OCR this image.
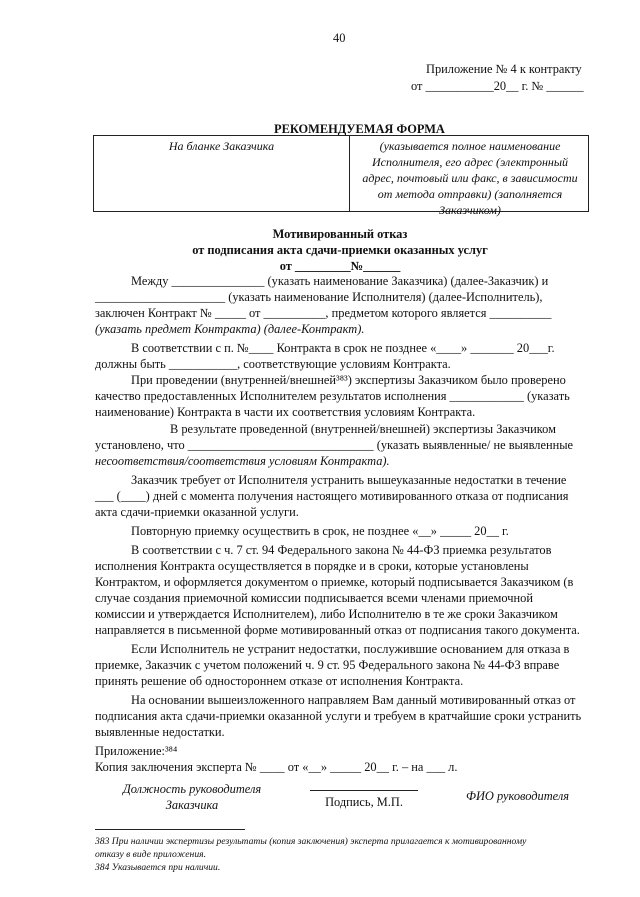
40
Приложение № 4 к контракту
от ___________20__ г. № ______
РЕКОМЕНДУЕМАЯ ФОРМА
На бланке Заказчика	(указывается полное наименование
Исполнителя, его адрес (электронный
адрес, почтовый или факс, в зависимости
от метода отправки) (заполняется
Заказчиком)
Мотивированный отказ
от подписания акта сдачи-приемки оказанных услуг
от _________№______
Между _______________ (указать наименование Заказчика) (далее-Заказчик) и
_____________________ (указать наименование Исполнителя) (далее-Исполнитель),
заключен Контракт № _____ от __________, предметом которого является __________
(указать предмет Контракта) (далее-Контракт).
В соответствии с п. №____ Контракта в срок не позднее «____» _______ 20___г.
должны быть ___________, соответствующие условиям Контракта.
При проведении (внутренней/внешней³⁸³) экспертизы Заказчиком было проверено
качество предоставленных Исполнителем результатов исполнения ____________ (указать
наименование) Контракта в части их соответствия условиям Контракта.
В результате проведенной (внутренней/внешней) экспертизы Заказчиком
установлено, что ______________________________ (указать выявленные/ не выявленные
несоответствия/соответствия условиям Контракта).
Заказчик требует от Исполнителя устранить вышеуказанные недостатки в течение
___ (____) дней с момента получения настоящего мотивированного отказа от подписания
акта сдачи-приемки оказанной услуги.
Повторную приемку осуществить в срок, не позднее «__» _____ 20__ г.
В соответствии с ч. 7 ст. 94 Федерального закона № 44-ФЗ приемка результатов
исполнения Контракта осуществляется в порядке и в сроки, которые установлены
Контрактом, и оформляется документом о приемке, который подписывается Заказчиком (в
случае создания приемочной комиссии подписывается всеми членами приемочной
комиссии и утверждается Исполнителем), либо Исполнителю в те же сроки Заказчиком
направляется в письменной форме мотивированный отказ от подписания такого документа.
Если Исполнитель не устранит недостатки, послужившие основанием для отказа в
приемке, Заказчик с учетом положений ч. 9 ст. 95 Федерального закона № 44-ФЗ вправе
принять решение об одностороннем отказе от исполнения Контракта.
На основании вышеизложенного направляем Вам данный мотивированный отказ от
подписания акта сдачи-приемки оказанной услуги и требуем в кратчайшие сроки устранить
выявленные недостатки.
Приложение:³⁸⁴
Копия заключения эксперта № ____ от «__» _____ 20__ г. – на ___ л.
Должность руководителя
Заказчика	Подпись, М.П.	ФИО руководителя
383 При наличии экспертизы результаты (копия заключения) эксперта прилагается к мотивированному
отказу в виде приложения.
384 Указывается при наличии.
